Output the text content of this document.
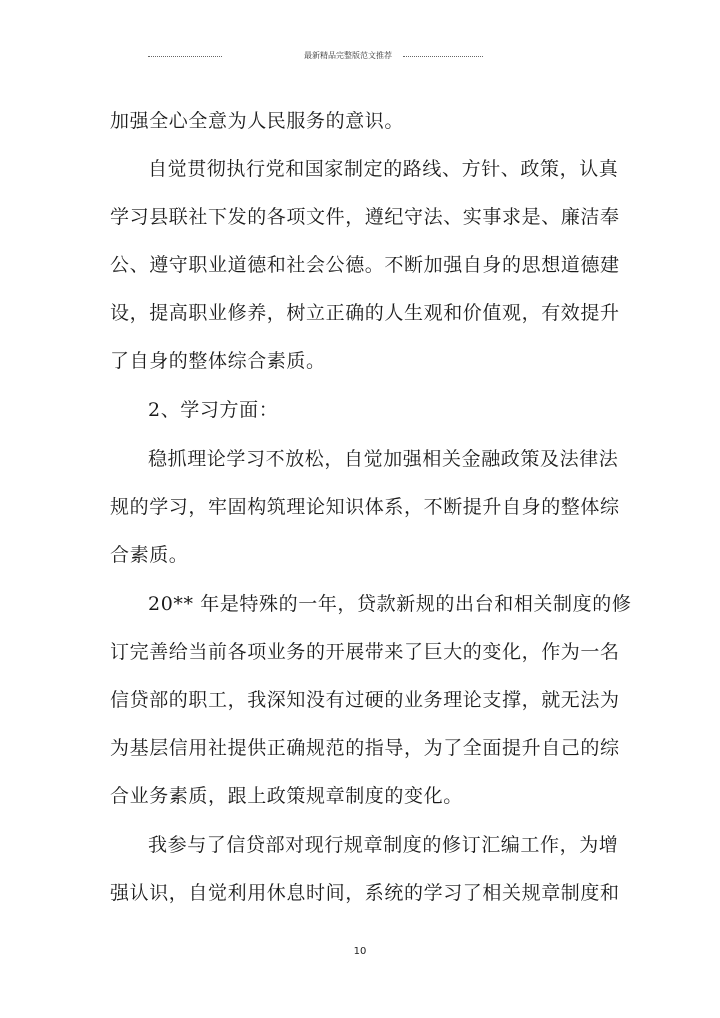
最新精品完整版范文推荐
加强全心全意为人民服务的意识。
自觉贯彻执行党和国家制定的路线、方针、政策，认真
学习县联社下发的各项文件，遵纪守法、实事求是、廉洁奉
公、遵守职业道德和社会公德。不断加强自身的思想道德建
设，提高职业修养，树立正确的人生观和价值观，有效提升
了自身的整体综合素质。
2、学习方面：
稳抓理论学习不放松，自觉加强相关金融政策及法律法
规的学习，牢固构筑理论知识体系，不断提升自身的整体综
合素质。
20** 年是特殊的一年，贷款新规的出台和相关制度的修
订完善给当前各项业务的开展带来了巨大的变化，作为一名
信贷部的职工，我深知没有过硬的业务理论支撑，就无法为
为基层信用社提供正确规范的指导，为了全面提升自己的综
合业务素质，跟上政策规章制度的变化。
我参与了信贷部对现行规章制度的修订汇编工作，为增
强认识，自觉利用休息时间，系统的学习了相关规章制度和
10
